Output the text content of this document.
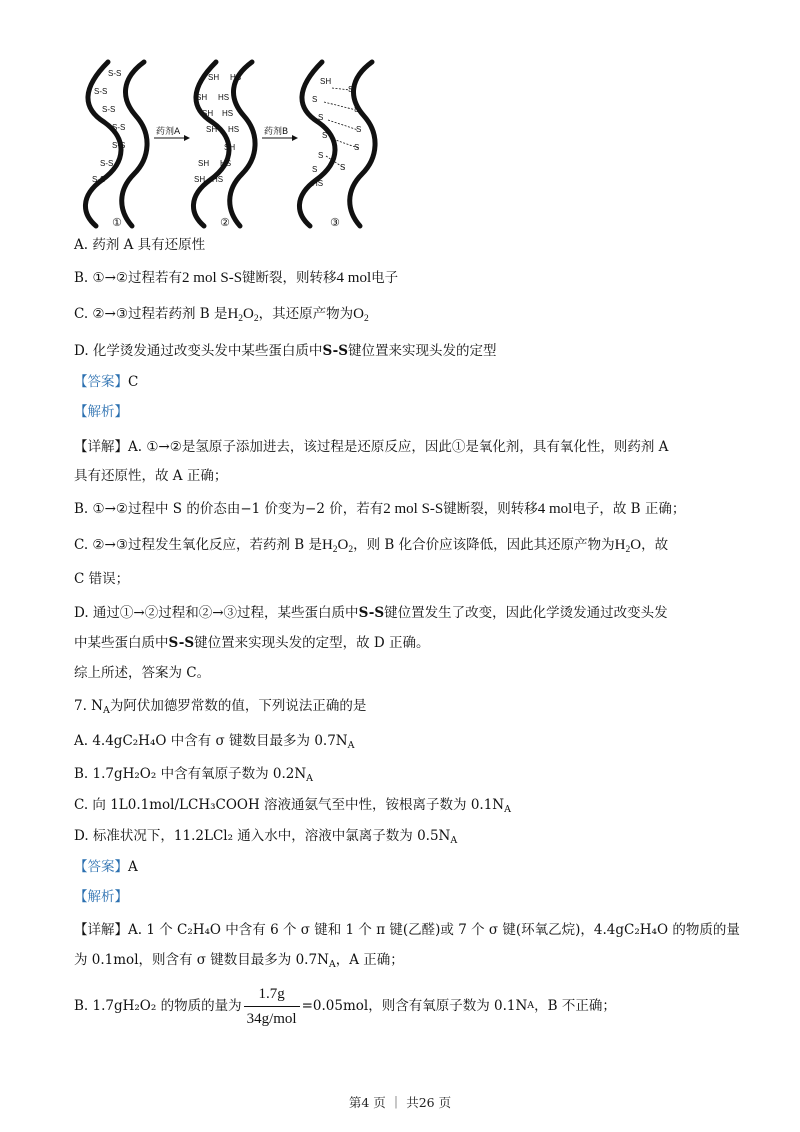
S-S
S-S
S-S
S-S
S-S
S-S
S-S
SH HS
SH HS
SH HS
SH HS
SH
SH HS
SH HS
SH
S
S
S
S
S
S
S
S
S	S
HS
药剂A	药剂B
①	②	③
A. 药剂 A 具有还原性
B. ①→②过程若有2 mol S-S键断裂，则转移4 mol电子
C. ②→③过程若药剂 B 是$H_2O_2$，其还原产物为$O_2$
D. 化学烫发通过改变头发中某些蛋白质中S-S键位置来实现头发的定型
【答案】C
【解析】
【详解】A. ①→②是氢原子添加进去，该过程是还原反应，因此①是氧化剂，具有氧化性，则药剂 A
具有还原性，故 A 正确；
B. ①→②过程中 S 的价态由−1 价变为−2 价，若有2 mol S-S键断裂，则转移4 mol电子，故 B 正确；
C. ②→③过程发生氧化反应，若药剂 B 是$H_2O_2$，则 B 化合价应该降低，因此其还原产物为$H_2O$，故
C 错误；
D. 通过①→②过程和②→③过程，某些蛋白质中S-S键位置发生了改变，因此化学烫发通过改变头发
中某些蛋白质中S-S键位置来实现头发的定型，故 D 正确。
综上所述，答案为 C。
7. $N_A$为阿伏加德罗常数的值，下列说法正确的是
A. 4.4gC₂H₄O 中含有 σ 键数目最多为 $0.7N_A$
B. 1.7gH₂O₂ 中含有氧原子数为 $0.2N_A$
C. 向 1L0.1mol/LCH₃COOH 溶液通氨气至中性，铵根离子数为 $0.1N_A$
D. 标准状况下，11.2LCl₂ 通入水中，溶液中氯离子数为 $0.5N_A$
【答案】A
【解析】
【详解】A. 1 个 C₂H₄O 中含有 6 个 σ 键和 1 个 π 键(乙醛)或 7 个 σ 键(环氧乙烷)，4.4gC₂H₄O 的物质的量
为 0.1mol，则含有 σ 键数目最多为 $0.7N_A$，A 正确；
B. 1.7gH₂O₂ 的物质的量为 $\frac{1.7g}{\text{34g/mol}} =0.05mol$，则含有氧原子数为 0.1N A ，B 不正确；
第4 页 ｜ 共26 页
